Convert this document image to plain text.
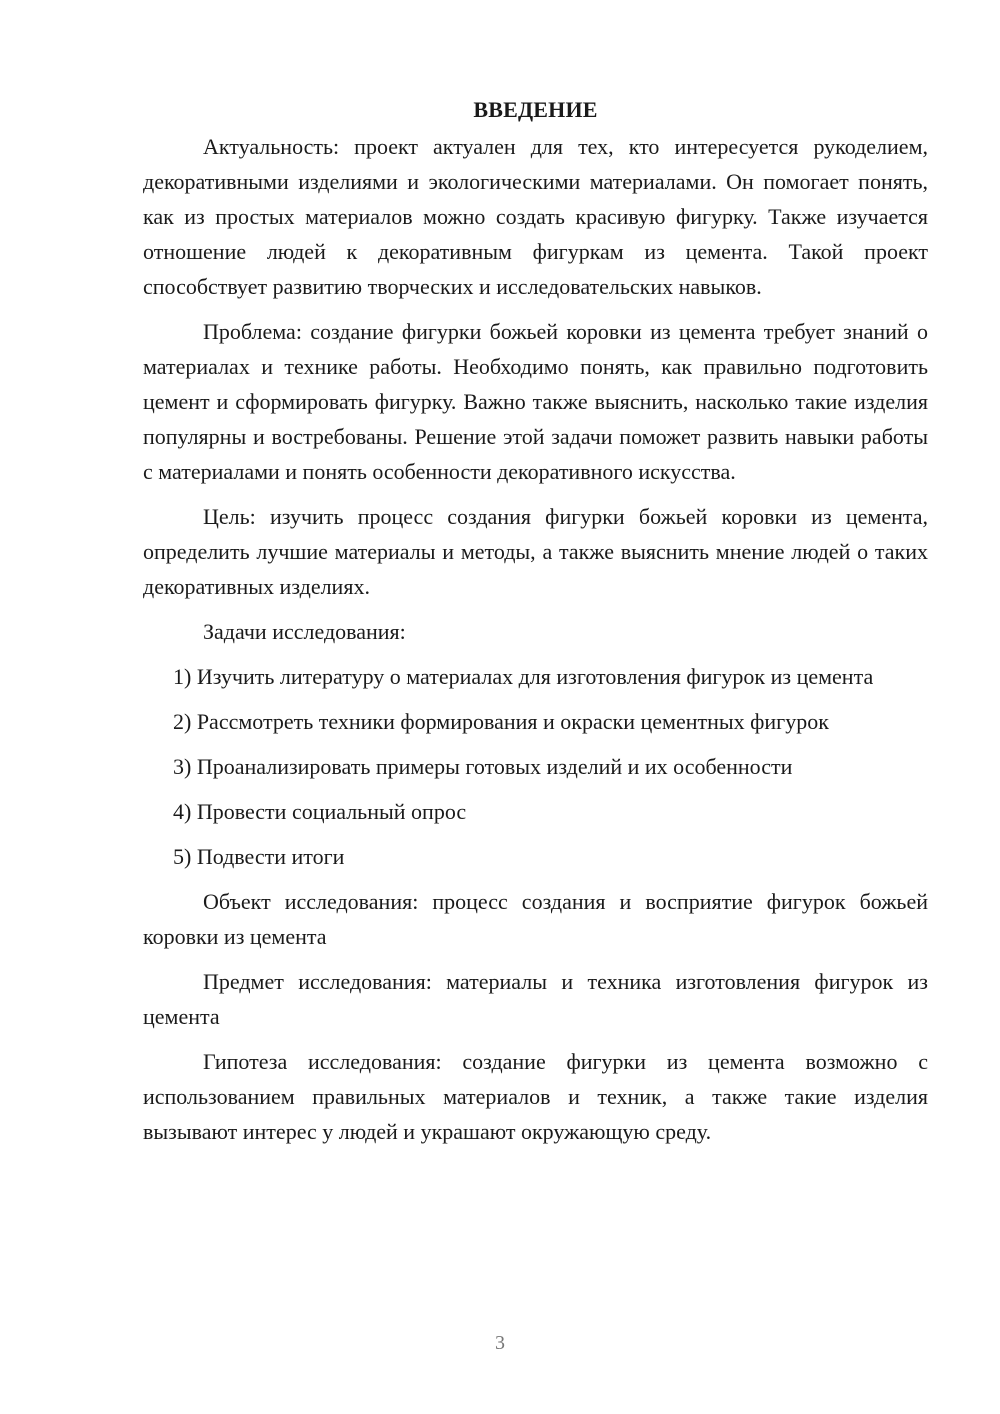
ВВЕДЕНИЕ

Актуальность: проект актуален для тех, кто интересуется рукоделием, декоративными изделиями и экологическими материалами. Он помогает понять, как из простых материалов можно создать красивую фигурку. Также изучается отношение людей к декоративным фигуркам из цемента. Такой проект способствует развитию творческих и исследовательских навыков.

Проблема: создание фигурки божьей коровки из цемента требует знаний о материалах и технике работы. Необходимо понять, как правильно подготовить цемент и сформировать фигурку. Важно также выяснить, насколько такие изделия популярны и востребованы. Решение этой задачи поможет развить навыки работы с материалами и понять особенности декоративного искусства.

Цель: изучить процесс создания фигурки божьей коровки из цемента, определить лучшие материалы и методы, а также выяснить мнение людей о таких декоративных изделиях.

Задачи исследования:

1) Изучить литературу о материалах для изготовления фигурок из цемента

2) Рассмотреть техники формирования и окраски цементных фигурок

3) Проанализировать примеры готовых изделий и их особенности

4) Провести социальный опрос

5) Подвести итоги

Объект исследования: процесс создания и восприятие фигурок божьей коровки из цемента

Предмет исследования: материалы и техника изготовления фигурок из цемента

Гипотеза исследования: создание фигурки из цемента возможно с использованием правильных материалов и техник, а также такие изделия вызывают интерес у людей и украшают окружающую среду.

3
